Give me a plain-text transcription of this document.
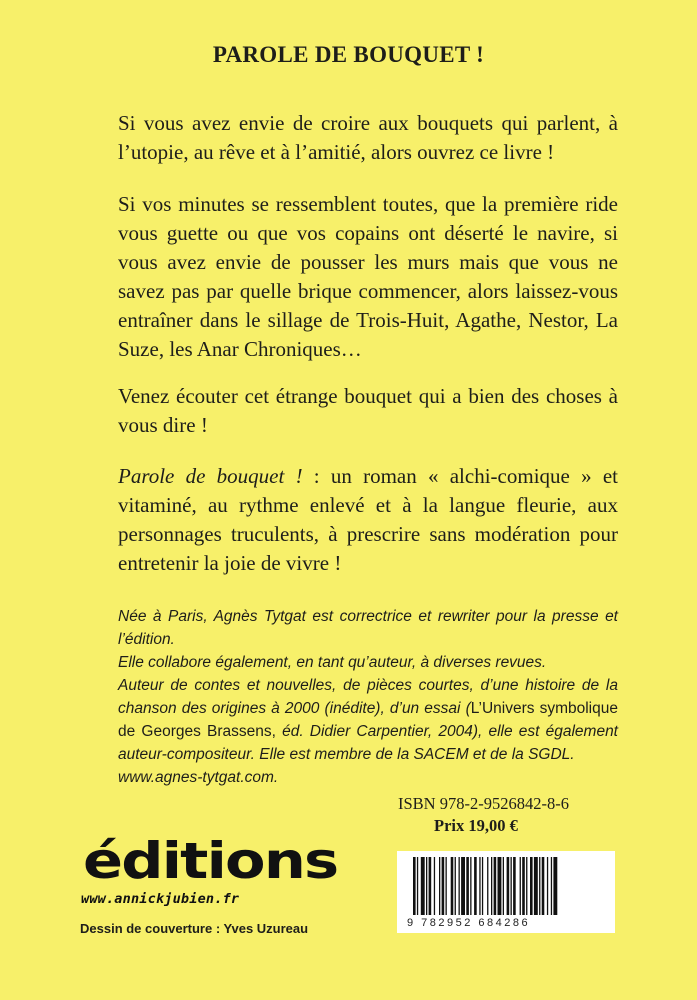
PAROLE DE BOUQUET !
Si vous avez envie de croire aux bouquets qui parlent, à l’utopie, au rêve et à l’amitié, alors ouvrez ce livre !
Si vos minutes se ressemblent toutes, que la première ride vous guette ou que vos copains ont déserté le navire, si vous avez envie de pousser les murs mais que vous ne savez pas par quelle brique commencer, alors laissez-vous entraîner dans le sillage de Trois-Huit, Agathe, Nestor, La Suze, les Anar Chroniques…
Venez écouter cet étrange bouquet qui a bien des choses à vous dire !
Parole de bouquet ! : un roman « alchi-comique » et vitaminé, au rythme enlevé et à la langue fleurie, aux personnages truculents, à prescrire sans modération pour entretenir la joie de vivre !

Née à Paris, Agnès Tytgat est correctrice et rewriter pour la presse et l’édition.

Elle collabore également, en tant qu’auteur, à diverses revues.

Auteur de contes et nouvelles, de pièces courtes, d’une histoire de la chanson des origines à 2000 (inédite), d’un essai (L’Univers symbolique de Georges Brassens, éd. Didier Carpentier, 2004), elle est également auteur-compositeur. Elle est membre de la SACEM et de la SGDL.

www.agnes-tytgat.com.

ISBN 978-2-9526842-8-6
Prix 19,00 €
9 782952 684286
éditions
www.annickjubien.fr
Dessin de couverture : Yves Uzureau
